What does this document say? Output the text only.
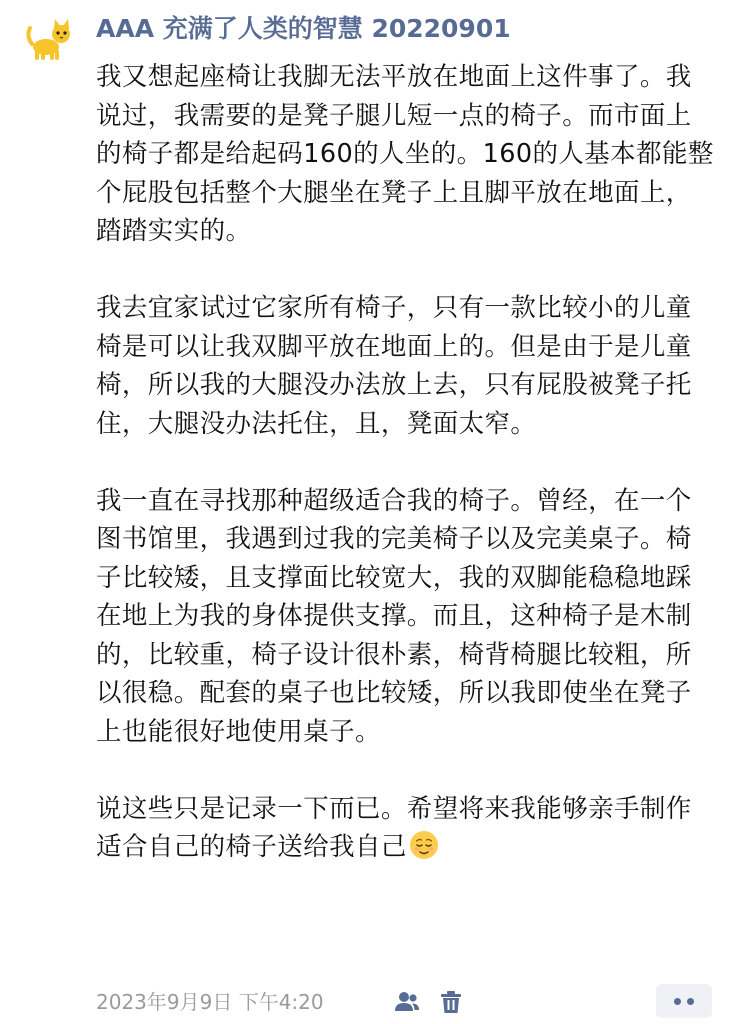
AAA 充满了人类的智慧 20220901

我又想起座椅让我脚无法平放在地面上这件事了。我说过，我需要的是凳子腿儿短一点的椅子。而市面上的椅子都是给起码160的人坐的。160的人基本都能整个屁股包括整个大腿坐在凳子上且脚平放在地面上，踏踏实实的。

我去宜家试过它家所有椅子，只有一款比较小的儿童椅是可以让我双脚平放在地面上的。但是由于是儿童椅，所以我的大腿没办法放上去，只有屁股被凳子托住，大腿没办法托住，且，凳面太窄。

我一直在寻找那种超级适合我的椅子。曾经，在一个图书馆里，我遇到过我的完美椅子以及完美桌子。椅子比较矮，且支撑面比较宽大，我的双脚能稳稳地踩在地上为我的身体提供支撑。而且，这种椅子是木制的，比较重，椅子设计很朴素，椅背椅腿比较粗，所以很稳。配套的桌子也比较矮，所以我即使坐在凳子上也能很好地使用桌子。

说这些只是记录一下而已。希望将来我能够亲手制作适合自己的椅子送给我自己

2023年9月9日 下午4:20
